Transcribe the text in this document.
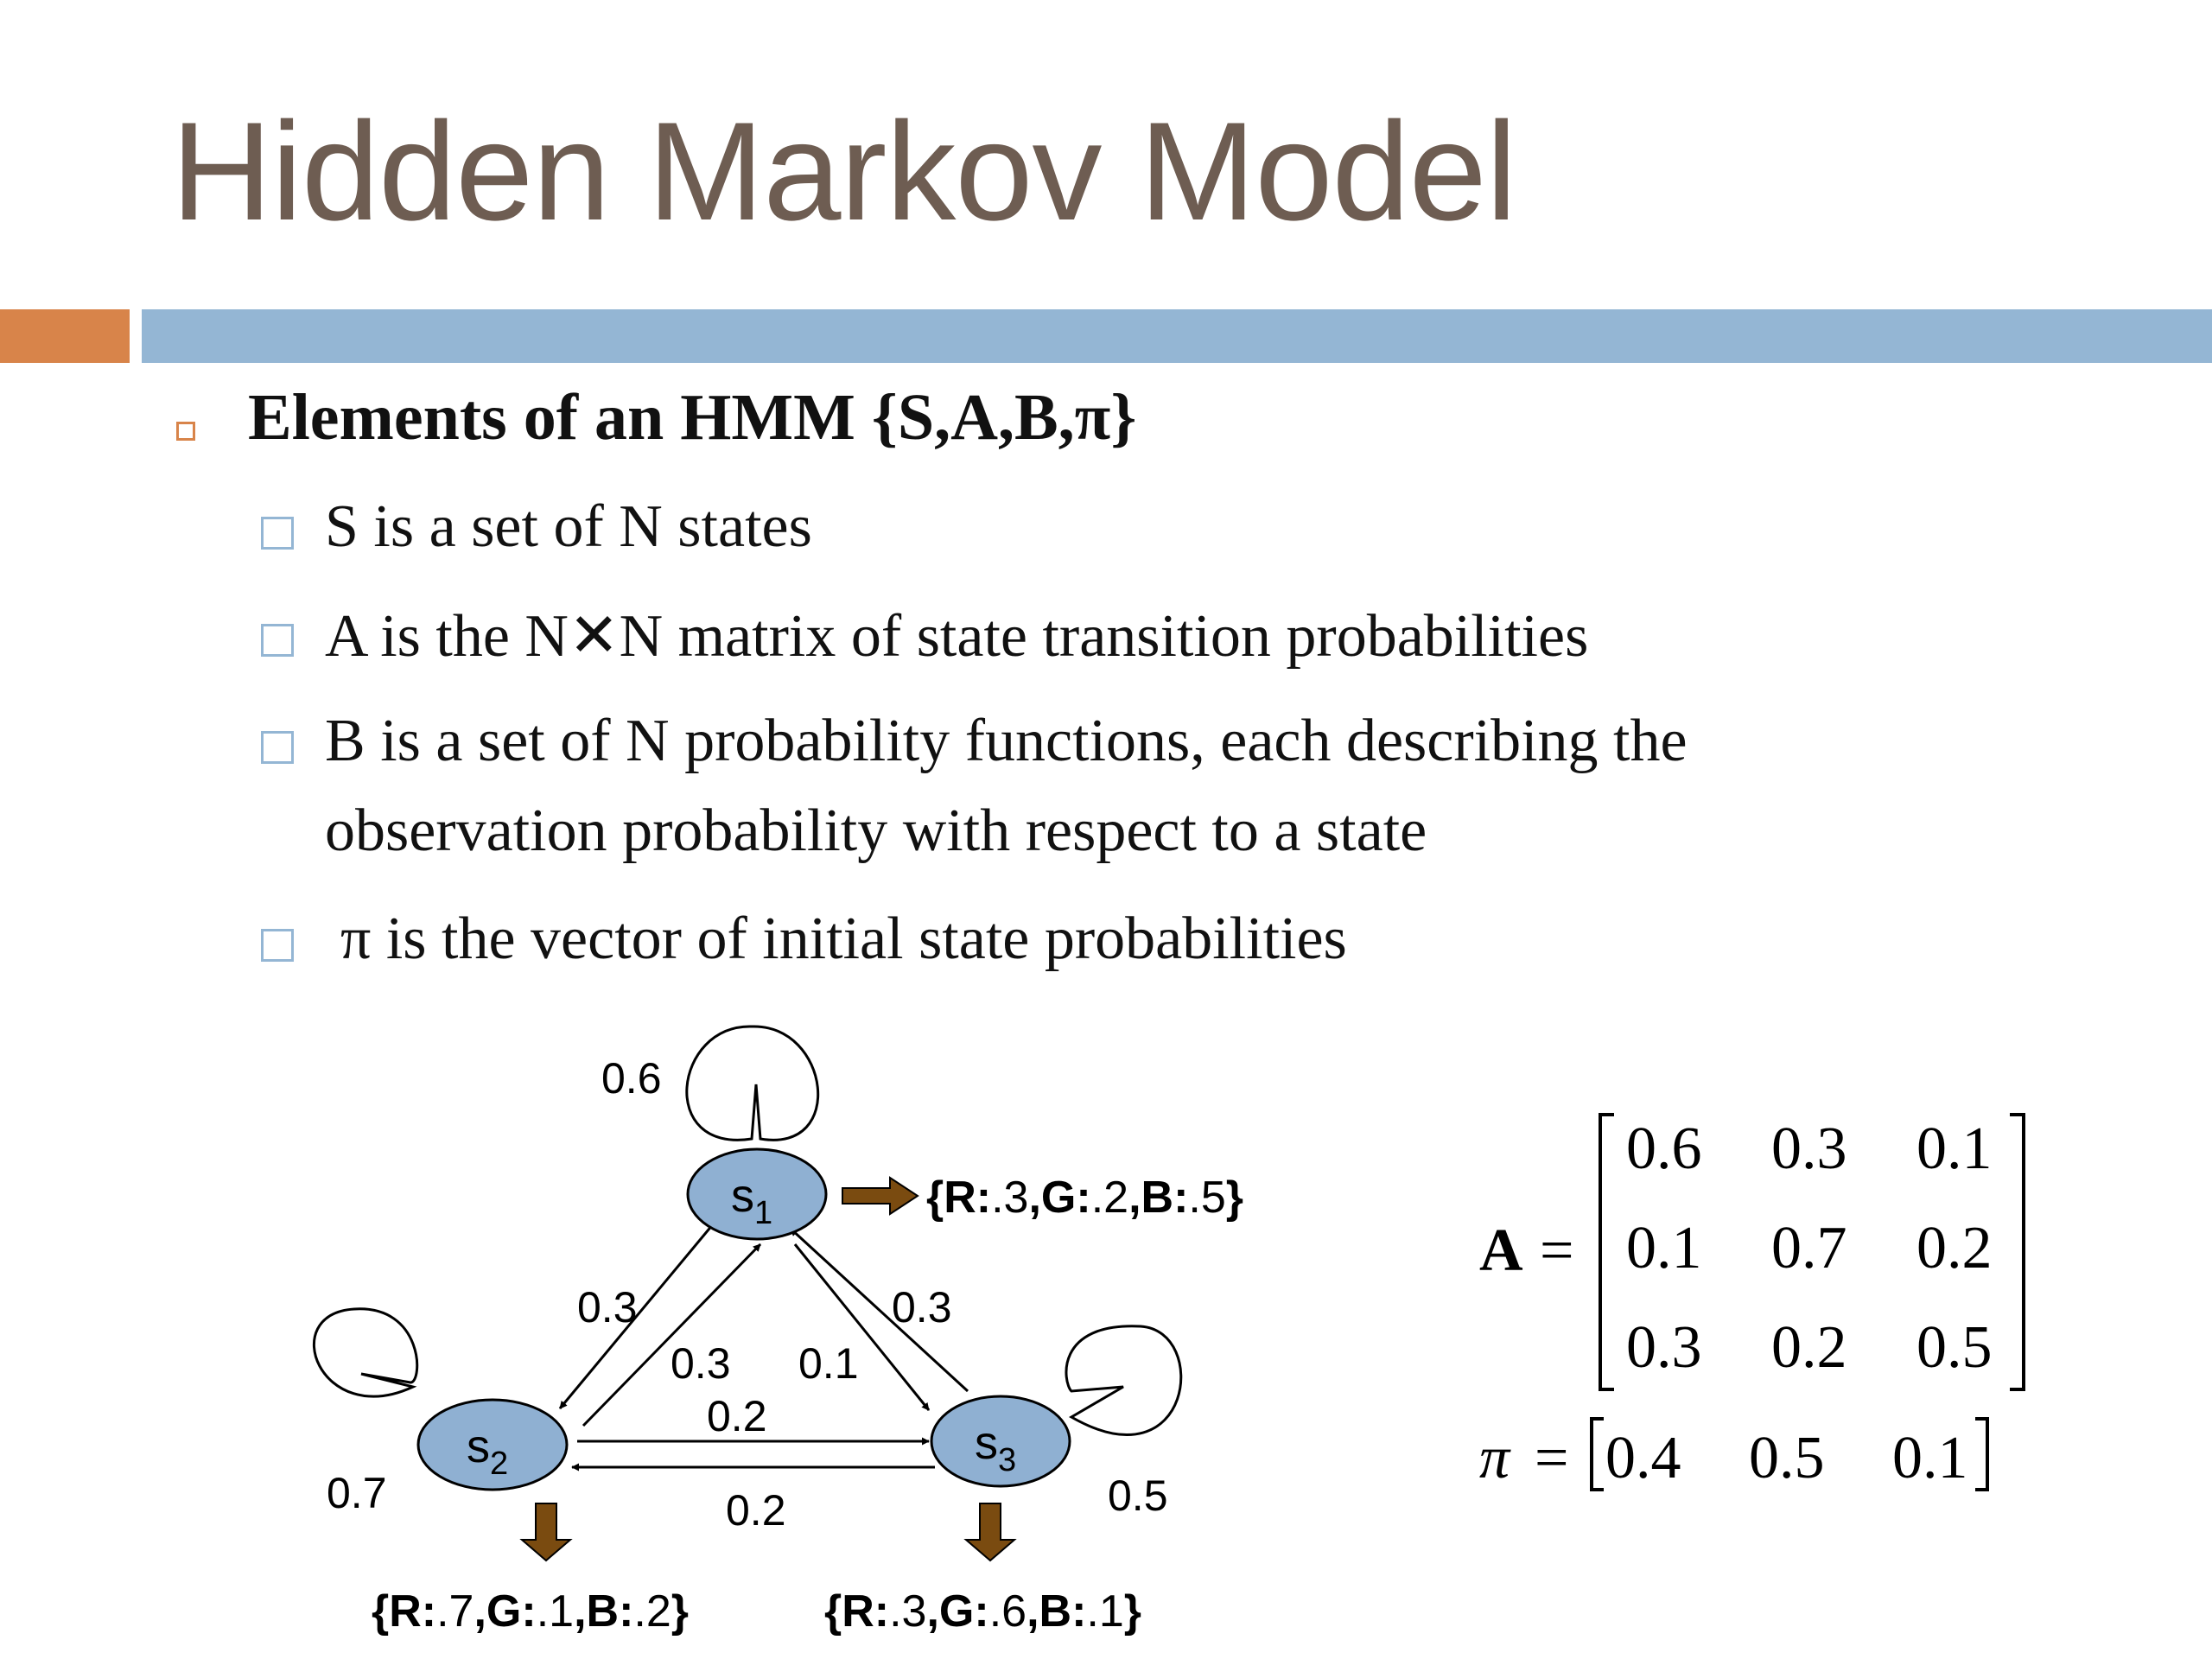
Hidden Markov Model
Elements of an HMM {S,A,B,π}
S is a set of N states
A is the N✕N matrix of state transition probabilities
B is a set of N probability functions, each describing the
observation probability with respect to a state
π is the vector of initial state probabilities
$s_1$
$s_2$	$s_3$
0.6
0.7	0.5
0.3
0.3 0.1
0.3
0.2
0.2
{R:.3,G:.2,B:.5}
{R:.7,G:.1,B:.2}	{R:.3,G:.6,B:.1}
A =
0.6 0.3 0.1
0.1 0.7 0.2
0.3 0.2 0.5
π = 0.4 0.5 0.1
